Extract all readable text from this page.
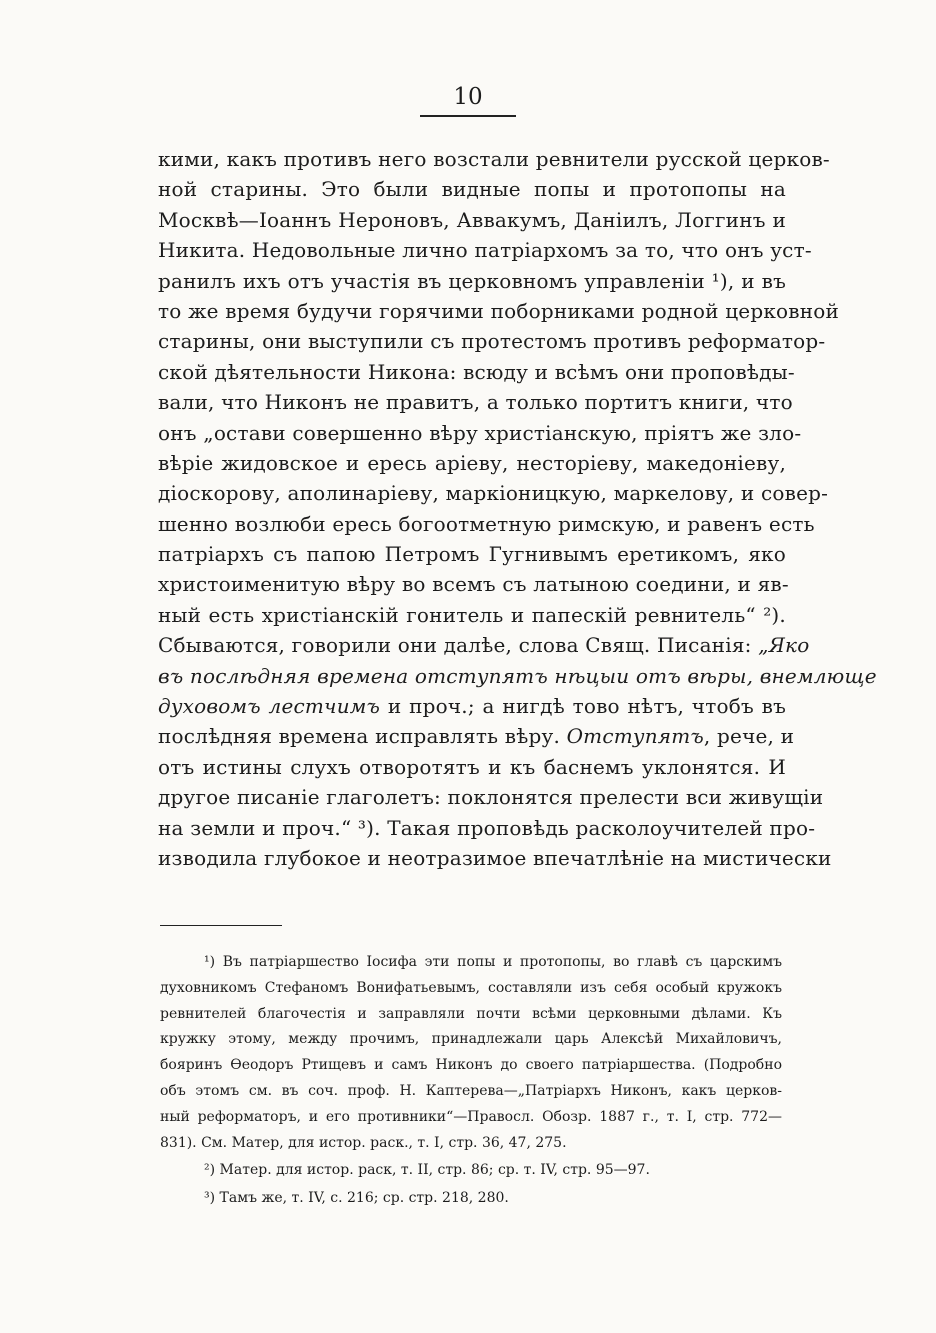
10
кими, какъ противъ него возстали ревнители русской церков-
ной старины. Это были видные попы и протопопы на
Москвѣ—Іоаннъ Нероновъ, Аввакумъ, Даніилъ, Логгинъ и
Никита. Недовольные лично патріархомъ за то, что онъ уст-
ранилъ ихъ отъ участія въ церковномъ управленіи ¹), и въ
то же время будучи горячими поборниками родной церковной
старины, они выступили съ протестомъ противъ реформатор-
ской дѣятельности Никона: всюду и всѣмъ они проповѣды-
вали, что Никонъ не правитъ, а только портитъ книги, что
онъ „остави совершенно вѣру христіанскую, пріятъ же зло-
вѣріе жидовское и ересь аріеву, несторіеву, македоніеву,
діоскорову, аполинаріеву, маркіоницкую, маркелову, и совер-
шенно возлюби ересь богоотметную римскую, и равенъ есть
патріархъ съ папою Петромъ Гугнивымъ еретикомъ, яко
христоименитую вѣру во всемъ съ латыною соедини, и яв-
ный есть христіанскій гонитель и папескій ревнитель“ ²).
Сбываются, говорили они далѣе, слова Свящ. Писанія: „Яко
въ послѣдняя времена отступятъ нѣцыи отъ вѣры, внемлюще
духовомъ лестчимъ и проч.; а нигдѣ тово нѣтъ, чтобъ въ
послѣдняя времена исправлять вѣру. Отступятъ, рече, и
отъ истины слухъ отворотятъ и къ баснемъ уклонятся. И
другое писаніе глаголетъ: поклонятся прелести вси живущіи
на земли и проч.“ ³). Такая проповѣдь расколоучителей про-
изводила глубокое и неотразимое впечатлѣніе на мистически
¹) Въ патріаршество Іосифа эти попы и протопопы, во главѣ съ царскимъ
духовникомъ Стефаномъ Вонифатьевымъ, составляли изъ себя особый кружокъ
ревнителей благочестія и заправляли почти всѣми церковными дѣлами. Къ
кружку этому, между прочимъ, принадлежали царь Алексѣй Михайловичъ,
бояринъ Ѳеодоръ Ртищевъ и самъ Никонъ до своего патріаршества. (Подробно
объ этомъ см. въ соч. проф. Н. Каптерева—„Патріархъ Никонъ, какъ церков-
ный реформаторъ, и его противники“—Правосл. Обозр. 1887 г., т. I, стр. 772—
831). См. Матер, для истор. раск., т. I, стр. 36, 47, 275.
²) Матер. для истор. раск, т. II, стр. 86; ср. т. IV, стр. 95—97.
³) Тамъ же, т. IV, с. 216; ср. стр. 218, 280.
